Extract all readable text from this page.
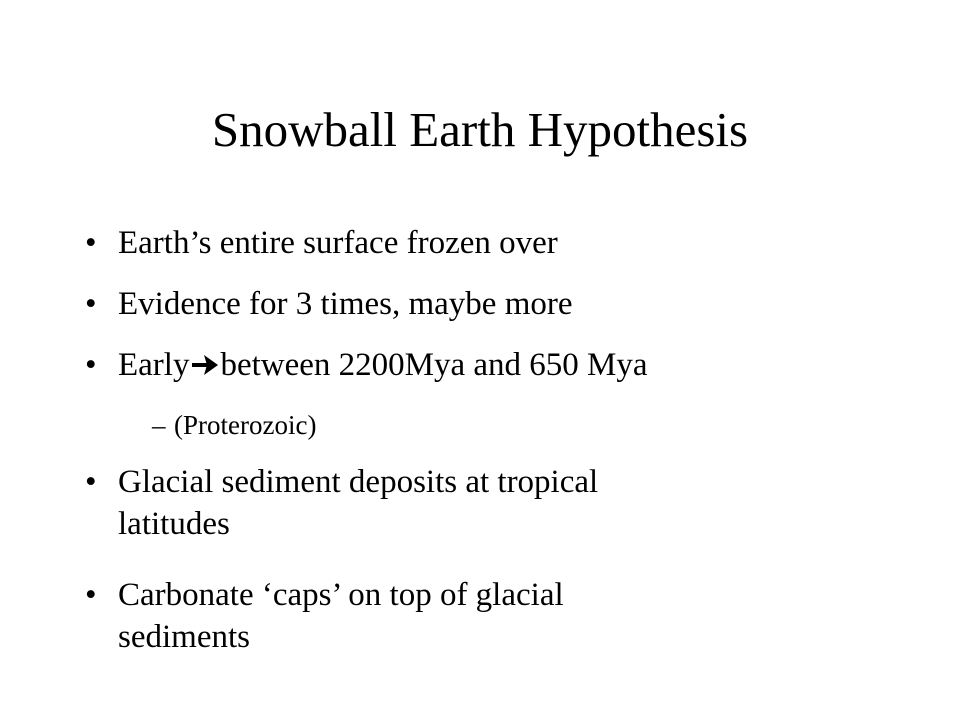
Snowball Earth Hypothesis
• Earth’s entire surface frozen over
• Evidence for 3 times, maybe more
• Early between 2200Mya and 650 Mya
– (Proterozoic)
• Glacial sediment deposits at tropical
latitudes
• Carbonate ‘caps’ on top of glacial
sediments
